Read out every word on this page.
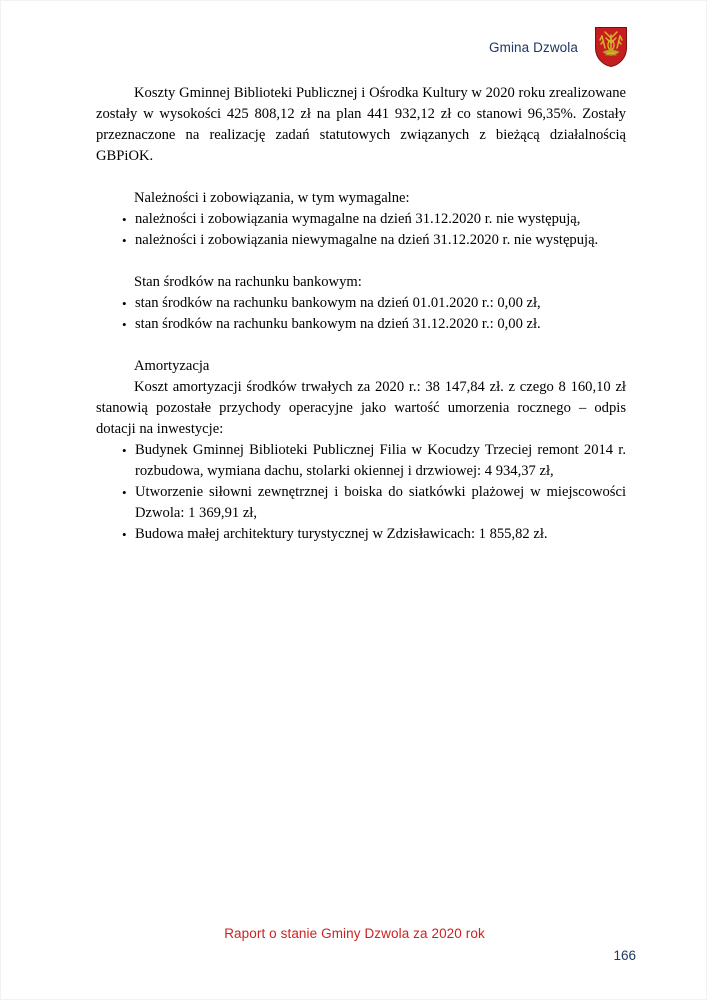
Gmina Dzwola

Koszty Gminnej Biblioteki Publicznej i Ośrodka Kultury w 2020 roku zrealizowane zostały w wysokości 425 808,12 zł na plan 441 932,12 zł co stanowi 96,35%. Zostały przeznaczone na realizację zadań statutowych związanych z bieżącą działalnością GBPiOK.

Należności i zobowiązania, w tym wymagalne:

• należności i zobowiązania wymagalne na dzień 31.12.2020 r. nie występują,
• należności i zobowiązania niewymagalne na dzień 31.12.2020 r. nie występują.

Stan środków na rachunku bankowym:

• stan środków na rachunku bankowym na dzień 01.01.2020 r.: 0,00 zł,
• stan środków na rachunku bankowym na dzień 31.12.2020 r.: 0,00 zł.

Amortyzacja

Koszt amortyzacji środków trwałych za 2020 r.: 38 147,84 zł. z czego 8 160,10 zł stanowią pozostałe przychody operacyjne jako wartość umorzenia rocznego – odpis dotacji na inwestycje:

• Budynek Gminnej Biblioteki Publicznej Filia w Kocudzy Trzeciej remont 2014 r. rozbudowa, wymiana dachu, stolarki okiennej i drzwiowej: 4 934,37 zł,
• Utworzenie siłowni zewnętrznej i boiska do siatkówki plażowej w miejscowości Dzwola: 1 369,91 zł,
• Budowa małej architektury turystycznej w Zdzisławicach: 1 855,82 zł.
Raport o stanie Gminy Dzwola za 2020 rok
166
